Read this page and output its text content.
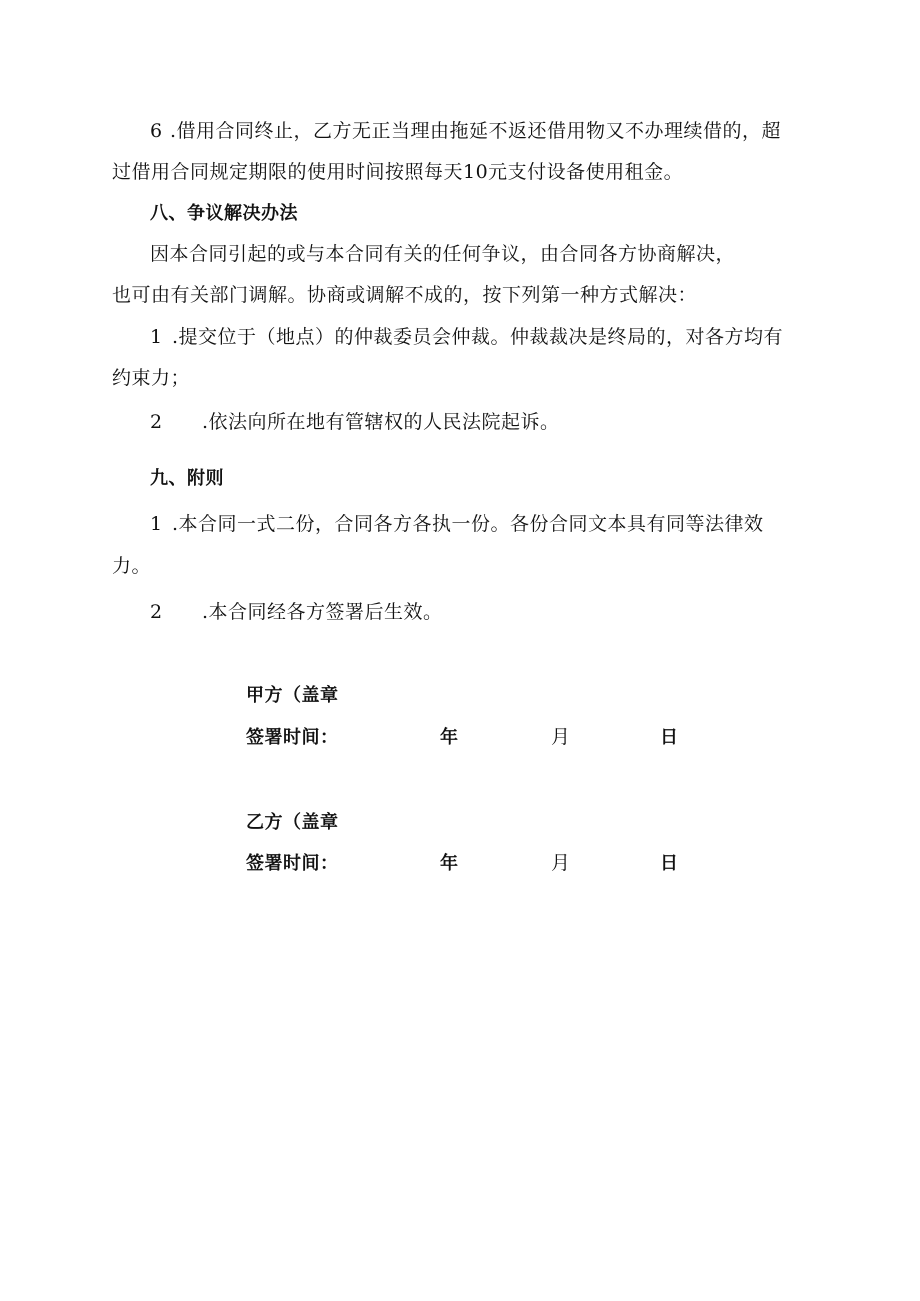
6 .借用合同终止，乙方无正当理由拖延不返还借用物又不办理续借的，超
过借用合同规定期限的使用时间按照每天10元支付设备使用租金。
八、争议解决办法
因本合同引起的或与本合同有关的任何争议，由合同各方协商解决，
也可由有关部门调解。协商或调解不成的，按下列第一种方式解决：
1 .提交位于（地点）的仲裁委员会仲裁。仲裁裁决是终局的，对各方均有
约束力；
2 .依法向所在地有管辖权的人民法院起诉。
九、附则
1 .本合同一式二份，合同各方各执一份。各份合同文本具有同等法律效
力。
2 .本合同经各方签署后生效。
甲方（盖章
签署时间：	年	月	日
乙方（盖章
签署时间：	年	月	日
